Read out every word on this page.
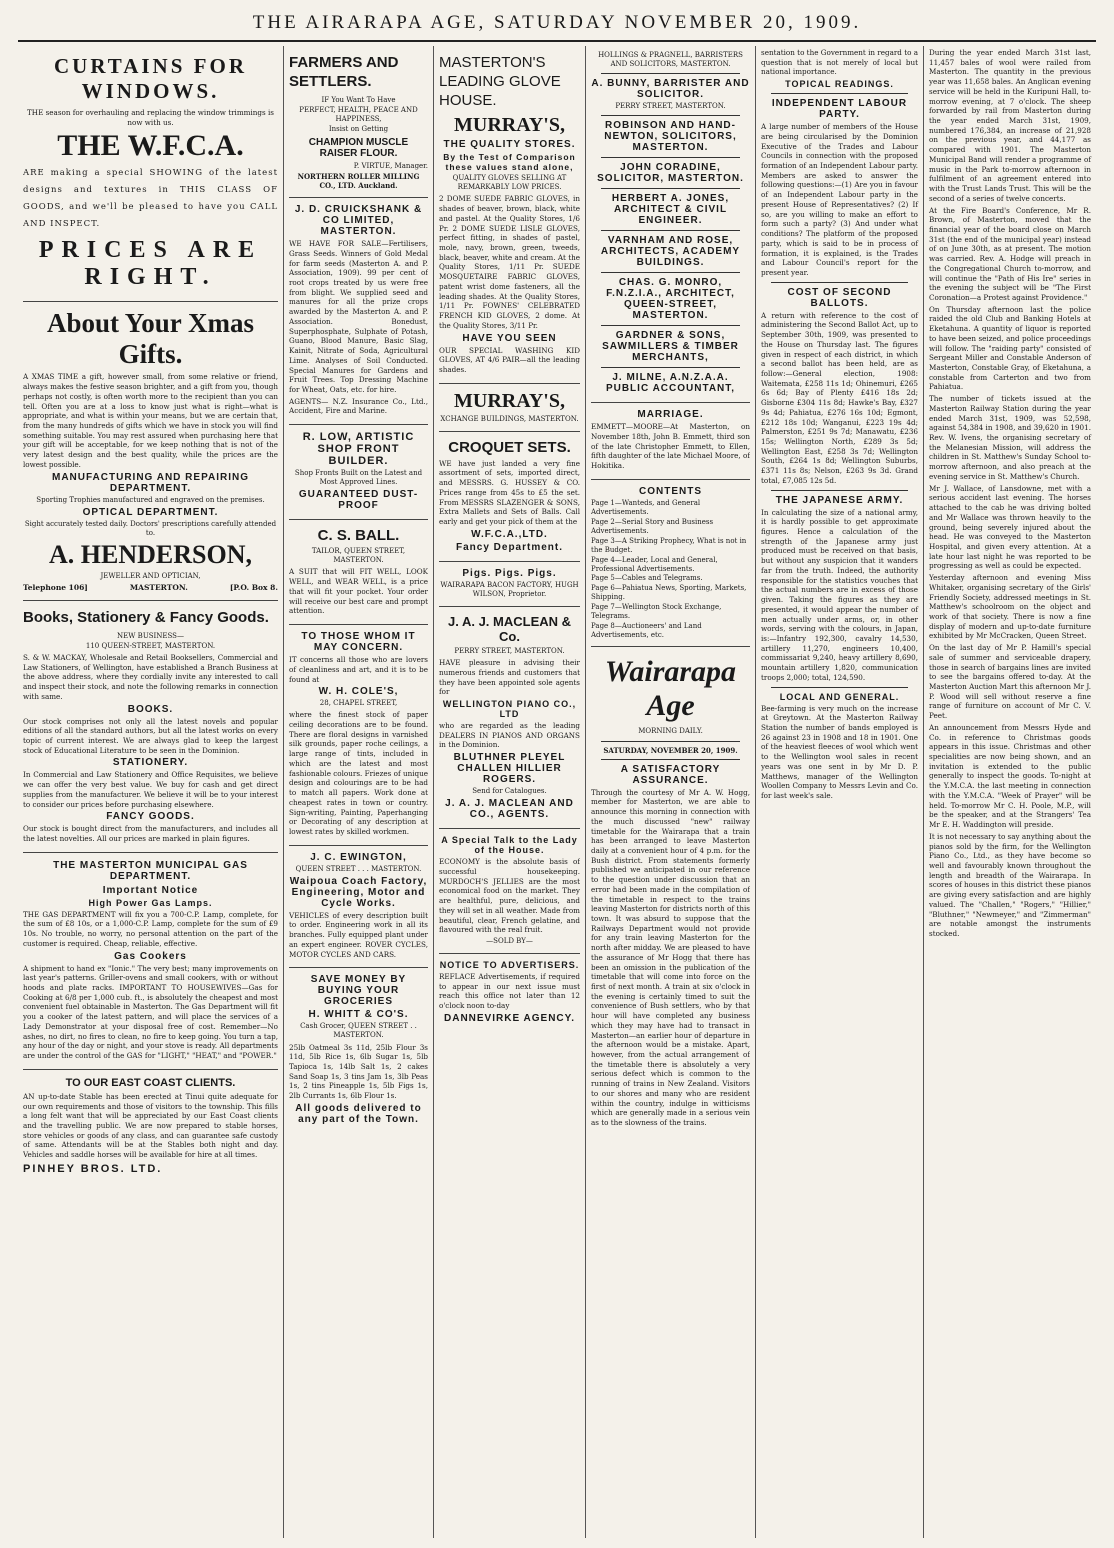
THE AIRARAPA AGE, SATURDAY NOVEMBER 20, 1909.
CURTAINS FOR WINDOWS.
THE season for overhauling and replacing the window trimmings is now with us.
THE W.F.C.A.
ARE making a special SHOWING of the latest designs and textures in THIS CLASS OF GOODS, and we'll be pleased to have you CALL AND INSPECT.
PRICES ARE RIGHT.
About Your Xmas Gifts.
A XMAS TIME a gift, however small, from some relative or friend, always makes the festive season brighter, and a gift from you, though perhaps not costly, is often worth more to the recipient than you can tell. Often you are at a loss to know just what is right—what is appropriate, and what is within your means, but we are certain that, from the many hundreds of gifts which we have in stock you will find something suitable. You may rest assured when purchasing here that your gift will be acceptable, for we keep nothing that is not of the very latest design and the best quality, while the prices are the lowest possible.
MANUFACTURING AND REPAIRING DEPARTMENT.
Sporting Trophies manufactured and engraved on the premises.
OPTICAL DEPARTMENT.
Sight accurately tested daily. Doctors' prescriptions carefully attended to.
A. HENDERSON,
JEWELLER AND OPTICIAN,
Telephone 106]	MASTERTON.	[P.O. Box 8.
Books, Stationery & Fancy Goods.
NEW BUSINESS—
110 QUEEN-STREET, MASTERTON.
S. & W. MACKAY, Wholesale and Retail Booksellers, Commercial and Law Stationers, of Wellington, have established a Branch Business at the above address, where they cordially invite any interested to call and inspect their stock, and note the following remarks in connection with same.
BOOKS.
Our stock comprises not only all the latest novels and popular editions of all the standard authors, but all the latest works on every topic of current interest. We are always glad to keep the largest stock of Educational Literature to be seen in the Dominion.
STATIONERY.
In Commercial and Law Stationery and Office Requisites, we believe we can offer the very best value. We buy for cash and get direct supplies from the manufacturer. We believe it will be to your interest to consider our prices before purchasing elsewhere.
FANCY GOODS.
Our stock is bought direct from the manufacturers, and includes all the latest novelties. All our prices are marked in plain figures.
THE MASTERTON MUNICIPAL GAS DEPARTMENT.
Important Notice
High Power Gas Lamps.
THE GAS DEPARTMENT will fix you a 700-C.P. Lamp, complete, for the sum of £8 10s, or a 1,000-C.P. Lamp, complete for the sum of £9 10s. No trouble, no worry, no personal attention on the part of the customer is required. Cheap, reliable, effective.
Gas Cookers
A shipment to hand ex "Ionic." The very best; many improvements on last year's patterns. Griller-ovens and small cookers, with or without hoods and plate racks. IMPORTANT TO HOUSEWIVES—Gas for Cooking at 6/8 per 1,000 cub. ft., is absolutely the cheapest and most convenient fuel obtainable in Masterton. The Gas Department will fit you a cooker of the latest pattern, and will place the services of a Lady Demonstrator at your disposal free of cost. Remember—No ashes, no dirt, no fires to clean, no fire to keep going. You turn a tap, any hour of the day or night, and your stove is ready. All departments are under the control of the GAS for "LIGHT," "HEAT," and "POWER."
TO OUR EAST COAST CLIENTS.
AN up-to-date Stable has been erected at Tinui quite adequate for our own requirements and those of visitors to the township. This fills a long felt want that will be appreciated by our East Coast clients and the travelling public. We are now prepared to stable horses, store vehicles or goods of any class, and can guarantee safe custody of same. Attendants will be at the Stables both night and day. Vehicles and saddle horses will be available for hire at all times.
PINHEY BROS. LTD.
FARMERS AND SETTLERS.
IF You Want To Have
PERFECT, HEALTH, PEACE AND HAPPINESS,
Insist on Getting
CHAMPION MUSCLE RAISER FLOUR.
P. VIRTUE, Manager.
NORTHERN ROLLER MILLING CO., LTD. Auckland.
J. D. CRUICKSHANK & CO LIMITED, MASTERTON.
WE HAVE FOR SALE—Fertilisers, Grass Seeds. Winners of Gold Medal for farm seeds (Masterton A. and P. Association, 1909). 99 per cent of root crops treated by us were free from blight. We supplied seed and manures for all the prize crops awarded by the Masterton A. and P. Association. Bonedust, Superphosphate, Sulphate of Potash, Guano, Blood Manure, Basic Slag, Kainit, Nitrate of Soda, Agricultural Lime. Analyses of Soil Conducted. Special Manures for Gardens and Fruit Trees. Top Dressing Machine for Wheat, Oats, etc. for hire.
AGENTS— N.Z. Insurance Co., Ltd., Accident, Fire and Marine.
R. LOW, ARTISTIC SHOP FRONT BUILDER.
Shop Fronts Built on the Latest and Most Approved Lines.
GUARANTEED DUST-PROOF
C. S. BALL.
TAILOR, QUEEN STREET, MASTERTON.
A SUIT that will FIT WELL, LOOK WELL, and WEAR WELL, is a price that will fit your pocket. Your order will receive our best care and prompt attention.
TO THOSE WHOM IT MAY CONCERN.
IT concerns all those who are lovers of cleanliness and art, and it is to be found at
W. H. COLE'S,
28, CHAPEL STREET,
where the finest stock of paper ceiling decorations are to be found. There are floral designs in varnished silk grounds, paper roche ceilings, a large range of tints, included in which are the latest and most fashionable colours. Friezes of unique design and colourings are to be had to match all papers. Work done at cheapest rates in town or country. Sign-writing, Painting, Paperhanging or Decorating of any description at lowest rates by skilled workmen.
J. C. EWINGTON,
QUEEN STREET . . . MASTERTON.
Waipoua Coach Factory, Engineering, Motor and Cycle Works.
VEHICLES of every description built to order. Engineering work in all its branches. Fully equipped plant under an expert engineer. ROVER CYCLES, MOTOR CYCLES AND CARS.
SAVE MONEY BY BUYING YOUR GROCERIES
H. WHITT & CO'S.
Cash Grocer, QUEEN STREET . . MASTERTON.
25lb Oatmeal 3s 11d, 25lb Flour 3s 11d, 5lb Rice 1s, 6lb Sugar 1s, 5lb Tapioca 1s, 14lb Salt 1s, 2 cakes Sand Soap 1s, 3 tins Jam 1s, 3lb Peas 1s, 2 tins Pineapple 1s, 5lb Figs 1s, 2lb Currants 1s, 6lb Flour 1s.
All goods delivered to any part of the Town.
MASTERTON'S LEADING GLOVE HOUSE.
MURRAY'S,
THE QUALITY STORES.
By the Test of Comparison these values stand alone,
QUALITY GLOVES SELLING AT REMARKABLY LOW PRICES.
2 DOME SUEDE FABRIC GLOVES, in shades of beaver, brown, black, white and pastel. At the Quality Stores, 1/6 Pr. 2 DOME SUEDE LISLE GLOVES, perfect fitting, in shades of pastel, mole, navy, brown, green, tweeds, black, beaver, white and cream. At the Quality Stores, 1/11 Pr. SUEDE MOSQUETAIRE FABRIC GLOVES, patent wrist dome fasteners, all the leading shades. At the Quality Stores, 1/11 Pr. FOWNES' CELEBRATED FRENCH KID GLOVES, 2 dome. At the Quality Stores, 3/11 Pr.
HAVE YOU SEEN
OUR SPECIAL WASHING KID GLOVES, AT 4/6 PAIR—all the leading shades.
MURRAY'S,
XCHANGE BUILDINGS, MASTERTON.
CROQUET SETS.
WE have just landed a very fine assortment of sets, imported direct, and MESSRS. G. HUSSEY & CO. Prices range from 45s to £5 the set. From MESSRS SLAZENGER & SONS, Extra Mallets and Sets of Balls. Call early and get your pick of them at the
W.F.C.A.,LTD.
Fancy Department.
Pigs. Pigs. Pigs.
WAIRARAPA BACON FACTORY, HUGH WILSON, Proprietor.
J. A. J. MACLEAN & Co.
PERRY STREET, MASTERTON.
HAVE pleasure in advising their numerous friends and customers that they have been appointed sole agents for
WELLINGTON PIANO CO., LTD
who are regarded as the leading DEALERS IN PIANOS AND ORGANS in the Dominion.
BLUTHNER PLEYEL CHALLEN HILLIER ROGERS.
Send for Catalogues.
J. A. J. MACLEAN AND CO., AGENTS.
A Special Talk to the Lady of the House.
ECONOMY is the absolute basis of successful housekeeping. MURDOCH'S JELLIES are the most economical food on the market. They are healthful, pure, delicious, and they will set in all weather. Made from beautiful, clear, French gelatine, and flavoured with the real fruit.
—SOLD BY—
NOTICE TO ADVERTISERS.
REFLACE Advertisements, if required to appear in our next issue must reach this office not later than 12 o'clock noon to-day
DANNEVIRKE AGENCY.
HOLLINGS & PRAGNELL, BARRISTERS AND SOLICITORS, MASTERTON.
A. BUNNY, BARRISTER AND SOLICITOR.
PERRY STREET, MASTERTON.
ROBINSON AND HAND-NEWTON, SOLICITORS, MASTERTON.
JOHN CORADINE, SOLICITOR, MASTERTON.
HERBERT A. JONES, ARCHITECT & CIVIL ENGINEER.
VARNHAM AND ROSE, ARCHITECTS, ACADEMY BUILDINGS.
CHAS. G. MONRO, F.N.Z.I.A., ARCHITECT, QUEEN-STREET, MASTERTON.
GARDNER & SONS, SAWMILLERS & TIMBER MERCHANTS,
J. MILNE, A.N.Z.A.A. PUBLIC ACCOUNTANT,
MARRIAGE.
EMMETT—MOORE—At Masterton, on November 18th, John B. Emmett, third son of the late Christopher Emmett, to Ellen, fifth daughter of the late Michael Moore, of Hokitika.
CONTENTS
Page 1—Wanteds, and General Advertisements.
Page 2—Serial Story and Business Advertisements.
Page 3—A Striking Prophecy, What is not in the Budget.
Page 4—Leader, Local and General, Professional Advertisements.
Page 5—Cables and Telegrams.
Page 6—Pahiatua News, Sporting, Markets, Shipping.
Page 7—Wellington Stock Exchange, Telegrams.
Page 8—Auctioneers' and Land Advertisements, etc.
Wairarapa Age
MORNING DAILY.
SATURDAY, NOVEMBER 20, 1909.
A SATISFACTORY ASSURANCE.
Through the courtesy of Mr A. W. Hogg, member for Masterton, we are able to announce this morning in connection with the much discussed "new" railway timetable for the Wairarapa that a train has been arranged to leave Masterton daily at a convenient hour of 4 p.m. for the Bush district. From statements formerly published we anticipated in our reference to the question under discussion that an error had been made in the compilation of the timetable in respect to the trains leaving Masterton for districts north of this town. It was absurd to suppose that the Railways Department would not provide for any train leaving Masterton for the north after midday. We are pleased to have the assurance of Mr Hogg that there has been an omission in the publication of the timetable that will come into force on the first of next month. A train at six o'clock in the evening is certainly timed to suit the convenience of Bush settlers, who by that hour will have completed any business which they may have had to transact in Masterton—an earlier hour of departure in the afternoon would be a mistake. Apart, however, from the actual arrangement of the timetable there is absolutely a very serious defect which is common to the running of trains in New Zealand. Visitors to our shores and many who are resident within the country, indulge in witticisms which are generally made in a serious vein as to the slowness of the trains.
sentation to the Government in regard to a question that is not merely of local but national importance.
TOPICAL READINGS.
INDEPENDENT LABOUR PARTY.
A large number of members of the House are being circularised by the Dominion Executive of the Trades and Labour Councils in connection with the proposed formation of an Independent Labour party. Members are asked to answer the following questions:—(1) Are you in favour of an Independent Labour party in the present House of Representatives? (2) If so, are you willing to make an effort to form such a party? (3) And under what conditions? The platform of the proposed party, which is said to be in process of formation, it is explained, is the Trades and Labour Council's report for the present year.
COST OF SECOND BALLOTS.
A return with reference to the cost of administering the Second Ballot Act, up to September 30th, 1909, was presented to the House on Thursday last. The figures given in respect of each district, in which a second ballot has been held, are as follow:—General election, 1908: Waitemata, £258 11s 1d; Ohinemuri, £265 6s 6d; Bay of Plenty £416 18s 2d; Gisborne £304 11s 8d; Hawke's Bay, £327 9s 4d; Pahiatua, £276 16s 10d; Egmont, £212 18s 10d; Wanganui, £223 19s 4d; Palmerston, £251 9s 7d; Manawatu, £236 15s; Wellington North, £289 3s 5d; Wellington East, £258 3s 7d; Wellington South, £264 1s 8d; Wellington Suburbs, £371 11s 8s; Nelson, £263 9s 3d. Grand total, £7,085 12s 5d.
THE JAPANESE ARMY.
In calculating the size of a national army, it is hardly possible to get approximate figures. Hence a calculation of the strength of the Japanese army just produced must be received on that basis, but without any suspicion that it wanders far from the truth. Indeed, the authority responsible for the statistics vouches that the actual numbers are in excess of those given. Taking the figures as they are presented, it would appear the number of men actually under arms, or, in other words, serving with the colours, in Japan, is:—Infantry 192,300, cavalry 14,530, artillery 11,270, engineers 10,400, commissariat 9,240, heavy artillery 8,690, mountain artillery 1,820, communication troops 2,000; total, 124,590.
LOCAL AND GENERAL.
Bee-farming is very much on the increase at Greytown. At the Masterton Railway Station the number of bands employed is 26 against 23 in 1908 and 18 in 1901. One of the heaviest fleeces of wool which went to the Wellington wool sales in recent years was one sent in by Mr D. P. Matthews, manager of the Wellington Woollen Company to Messrs Levin and Co. for last week's sale.
During the year ended March 31st last, 11,457 bales of wool were railed from Masterton. The quantity in the previous year was 11,658 bales. An Anglican evening service will be held in the Kuripuni Hall, to-morrow evening, at 7 o'clock. The sheep forwarded by rail from Masterton during the year ended March 31st, 1909, numbered 176,384, an increase of 21,928 on the previous year, and 44,177 as compared with 1901. The Masterton Municipal Band will render a programme of music in the Park to-morrow afternoon in fulfilment of an agreement entered into with the Trust Lands Trust. This will be the second of a series of twelve concerts.
At the Fire Board's Conference, Mr R. Brown, of Masterton, moved that the financial year of the board close on March 31st (the end of the municipal year) instead of on June 30th, as at present. The motion was carried. Rev. A. Hodge will preach in the Congregational Church to-morrow, and will continue the "Path of His Ire" series in the evening the subject will be "The First Coronation—a Protest against Providence."
On Thursday afternoon last the police raided the old Club and Banking Hotels at Eketahuna. A quantity of liquor is reported to have been seized, and police proceedings will follow. The "raiding party" consisted of Sergeant Miller and Constable Anderson of Masterton, Constable Gray, of Eketahuna, a constable from Carterton and two from Pahiatua.
The number of tickets issued at the Masterton Railway Station during the year ended March 31st, 1909, was 52,598, against 54,384 in 1908, and 39,620 in 1901. Rev. W. Ivens, the organising secretary of the Melanesian Mission, will address the children in St. Matthew's Sunday School to-morrow afternoon, and also preach at the evening service in St. Matthew's Church.
Mr J. Wallace, of Lansdowne, met with a serious accident last evening. The horses attached to the cab he was driving bolted and Mr Wallace was thrown heavily to the ground, being severely injured about the head. He was conveyed to the Masterton Hospital, and given every attention. At a late hour last night he was reported to be progressing as well as could be expected.
Yesterday afternoon and evening Miss Whitaker, organising secretary of the Girls' Friendly Society, addressed meetings in St. Matthew's schoolroom on the object and work of that society. There is now a fine display of modern and up-to-date furniture exhibited by Mr McCracken, Queen Street.
On the last day of Mr P. Hamill's special sale of summer and serviceable drapery, those in search of bargains lines are invited to see the bargains offered to-day. At the Masterton Auction Mart this afternoon Mr J. P. Wood will sell without reserve a fine range of furniture on account of Mr C. V. Peet.
An announcement from Messrs Hyde and Co. in reference to Christmas goods appears in this issue. Christmas and other specialities are now being shown, and an invitation is extended to the public generally to inspect the goods. To-night at the Y.M.C.A. the last meeting in connection with the Y.M.C.A. "Week of Prayer" will be held. To-morrow Mr C. H. Poole, M.P., will be the speaker, and at the Strangers' Tea Mr E. H. Waddington will preside.
It is not necessary to say anything about the pianos sold by the firm, for the Wellington Piano Co., Ltd., as they have become so well and favourably known throughout the length and breadth of the Wairarapa. In scores of houses in this district these pianos are giving every satisfaction and are highly valued. The "Challen," "Rogers," "Hillier," "Bluthner," "Newmeyer," and "Zimmerman" are notable amongst the instruments stocked.
